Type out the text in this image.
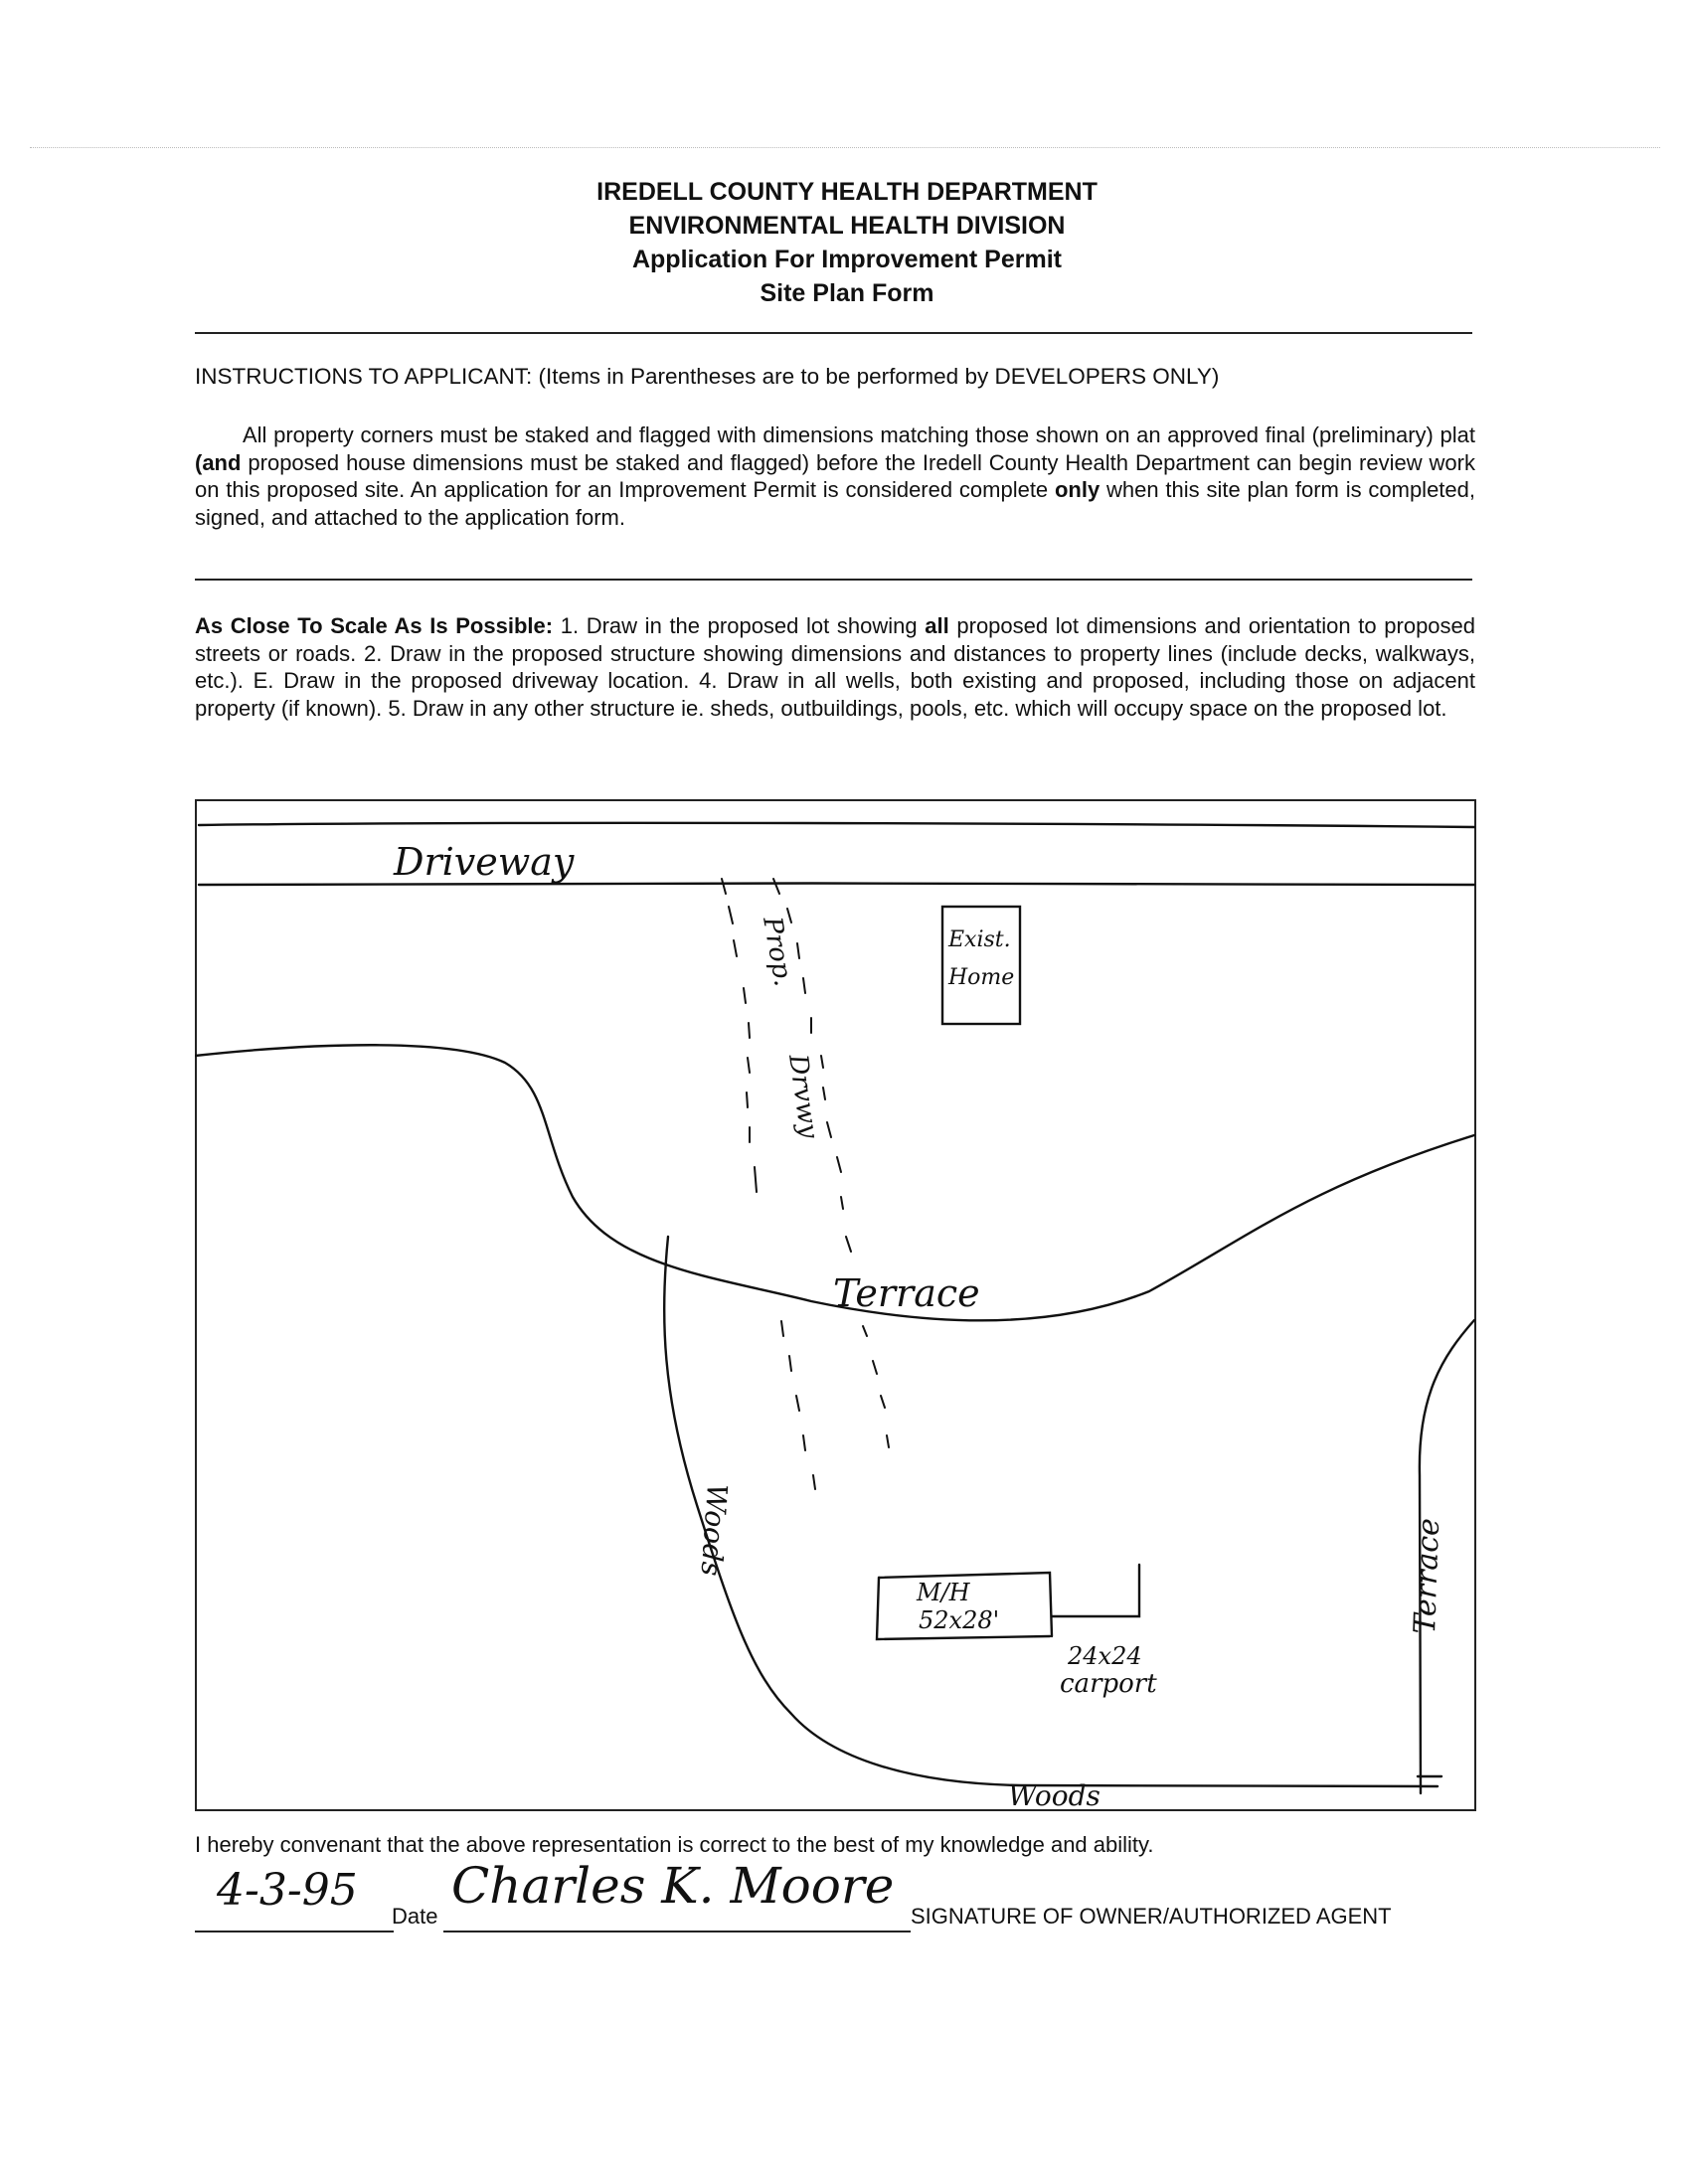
IREDELL COUNTY HEALTH DEPARTMENT
ENVIRONMENTAL HEALTH DIVISION
Application For Improvement Permit
Site Plan Form
INSTRUCTIONS TO APPLICANT: (Items in Parentheses are to be performed by DEVELOPERS ONLY)
All property corners must be staked and flagged with dimensions matching those shown on an approved final (preliminary) plat (and proposed house dimensions must be staked and flagged) before the Iredell County Health Department can begin review work on this proposed site. An application for an Improvement Permit is considered complete only when this site plan form is completed, signed, and attached to the application form.
As Close To Scale As Is Possible: 1. Draw in the proposed lot showing all proposed lot dimensions and orientation to proposed streets or roads. 2. Draw in the proposed structure showing dimensions and distances to property lines (include decks, walkways, etc.). E. Draw in the proposed driveway location. 4. Draw in all wells, both existing and proposed, including those on adjacent property (if known). 5. Draw in any other structure ie. sheds, outbuildings, pools, etc. which will occupy space on the proposed lot.
Driveway
Prop.
Drvwy
Exist.
Home
Terrace
Terrace
Woods
Woods
M/H
52x28'
24x24
carport
I hereby convenant that the above representation is correct to the best of my knowledge and ability.
4-3-95
Date
Charles K. Moore
SIGNATURE OF OWNER/AUTHORIZED AGENT
